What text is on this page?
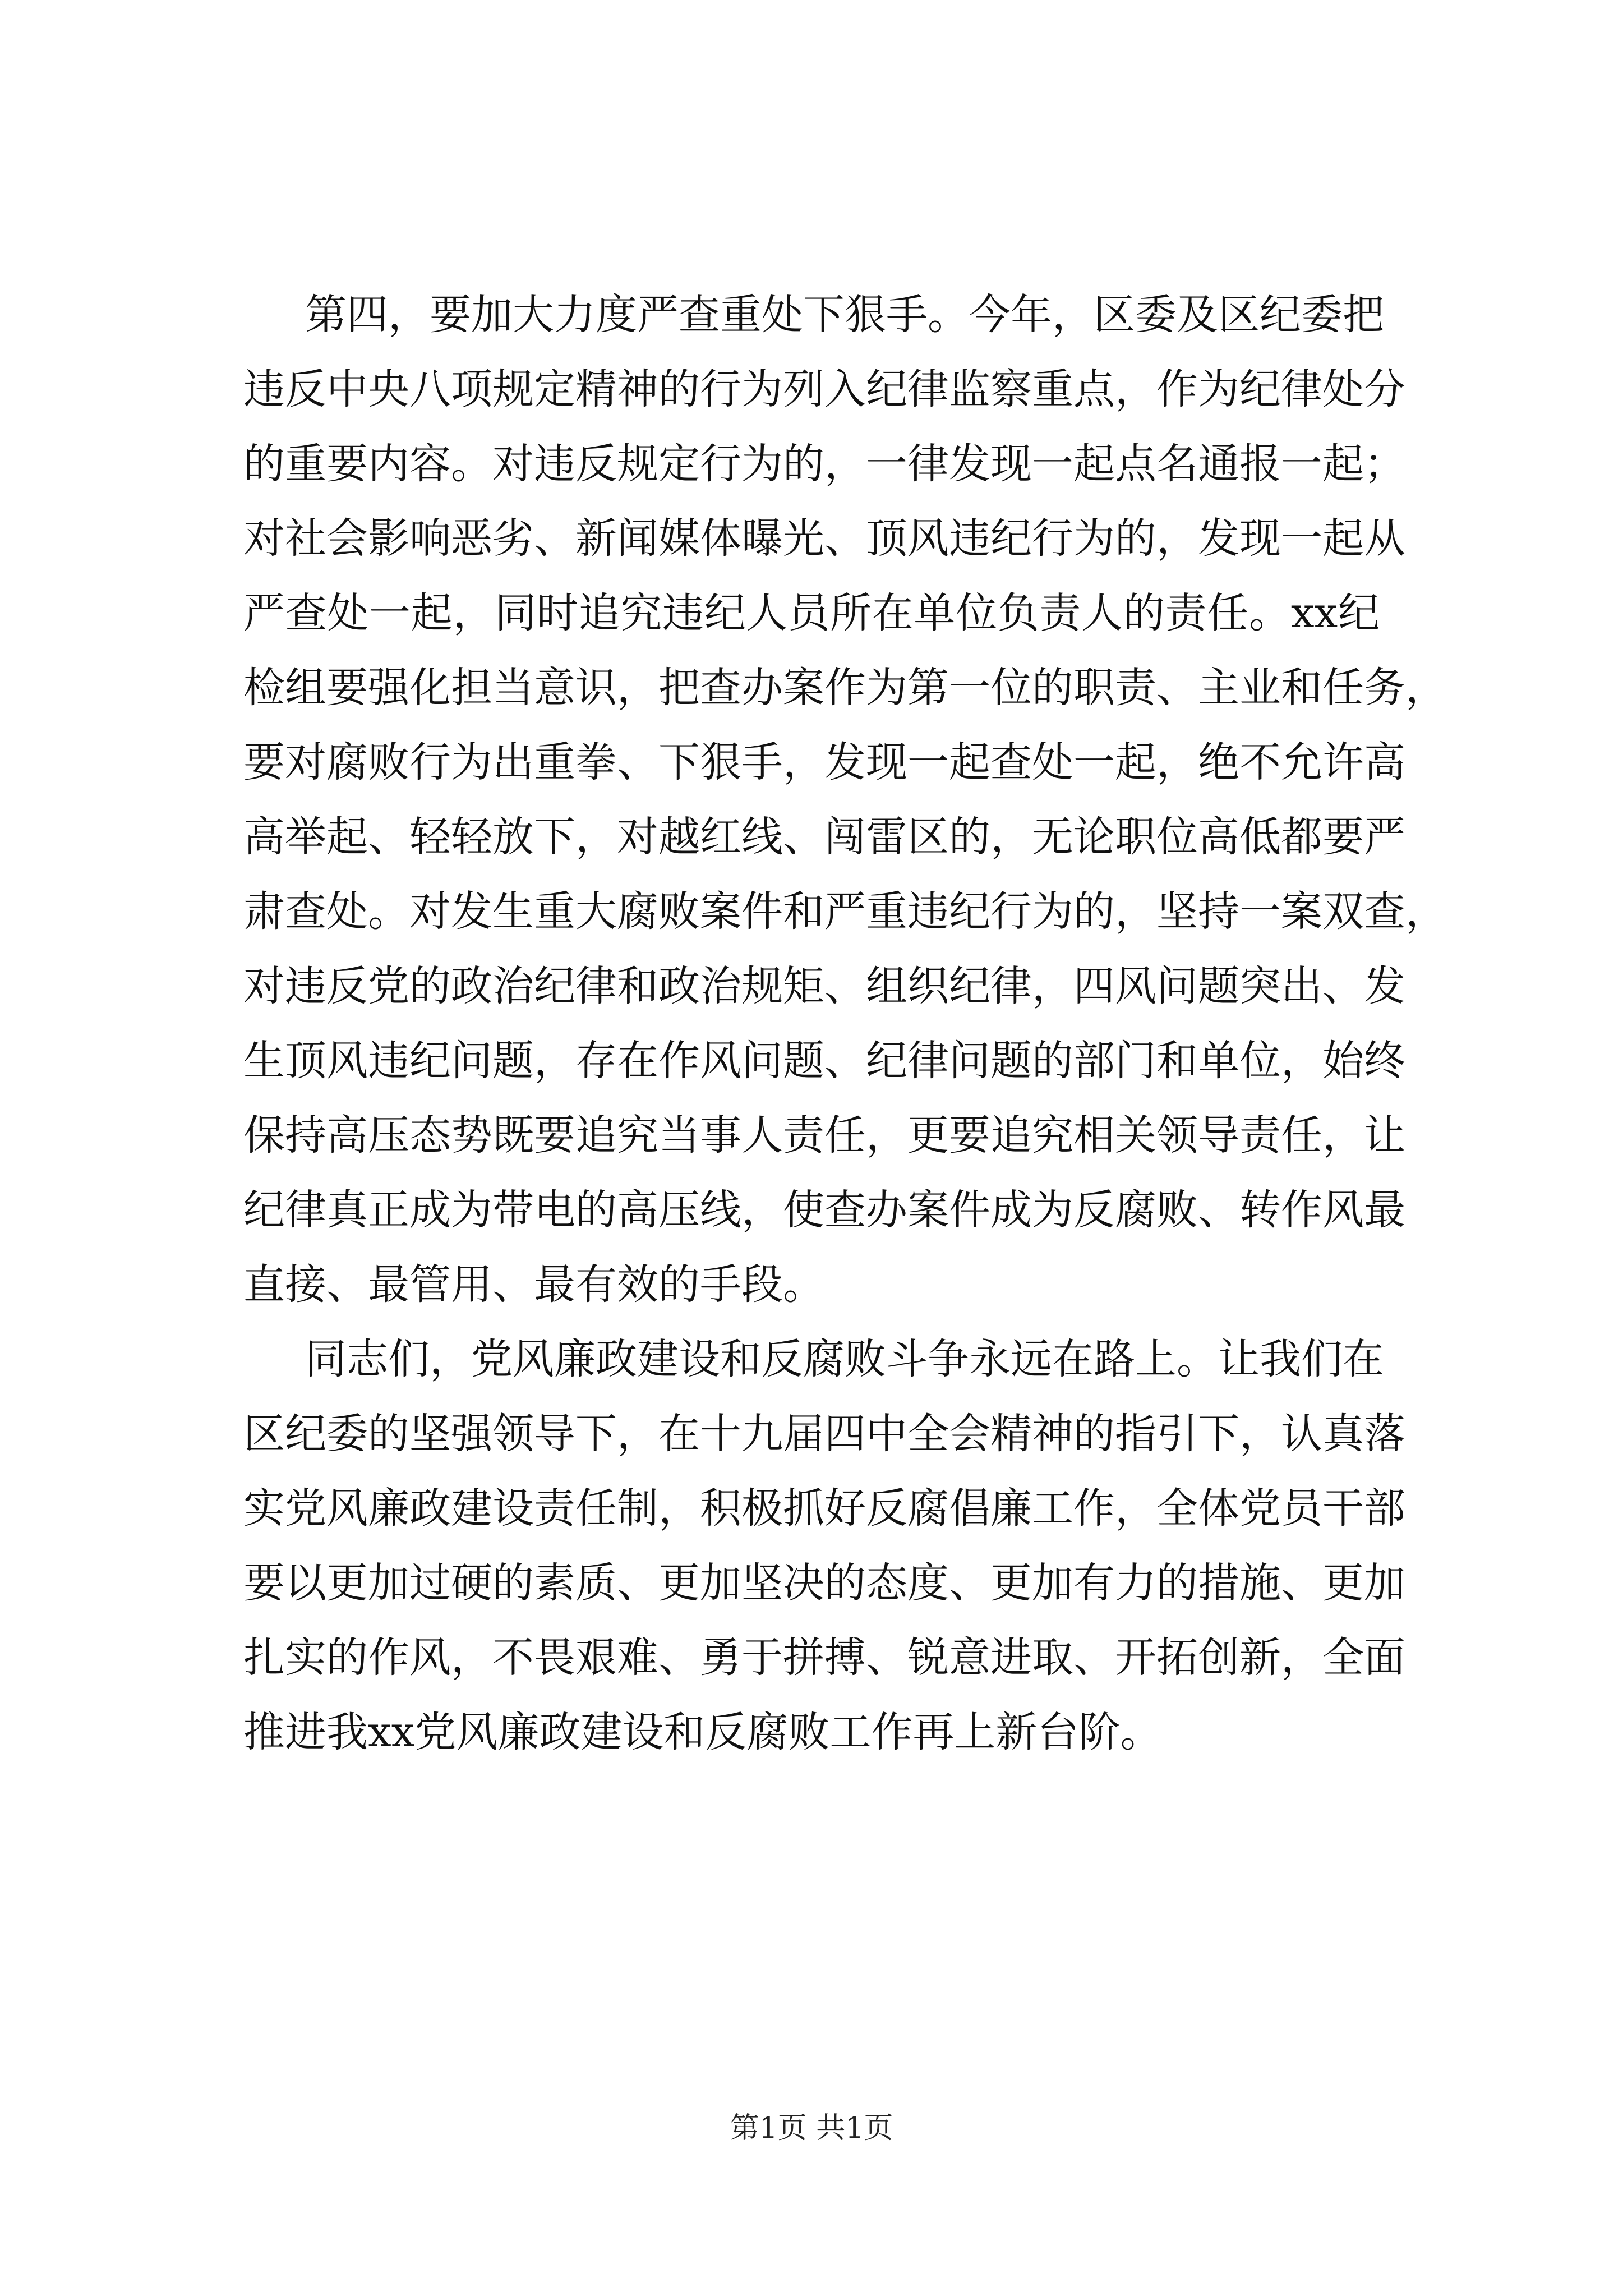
第四，要加大力度严查重处下狠手。今年，区委及区纪委把
违反中央八项规定精神的行为列入纪律监察重点，作为纪律处分
的重要内容。对违反规定行为的，一律发现一起点名通报一起；
对社会影响恶劣、新闻媒体曝光、顶风违纪行为的，发现一起从
严查处一起，同时追究违纪人员所在单位负责人的责任。xx纪
检组要强化担当意识，把查办案作为第一位的职责、主业和任务，
要对腐败行为出重拳、下狠手，发现一起查处一起，绝不允许高
高举起、轻轻放下，对越红线、闯雷区的，无论职位高低都要严
肃查处。对发生重大腐败案件和严重违纪行为的，坚持一案双查，
对违反党的政治纪律和政治规矩、组织纪律，四风问题突出、发
生顶风违纪问题，存在作风问题、纪律问题的部门和单位，始终
保持高压态势既要追究当事人责任，更要追究相关领导责任，让
纪律真正成为带电的高压线，使查办案件成为反腐败、转作风最
直接、最管用、最有效的手段。
同志们，党风廉政建设和反腐败斗争永远在路上。让我们在
区纪委的坚强领导下，在十九届四中全会精神的指引下，认真落
实党风廉政建设责任制，积极抓好反腐倡廉工作，全体党员干部
要以更加过硬的素质、更加坚决的态度、更加有力的措施、更加
扎实的作风，不畏艰难、勇于拼搏、锐意进取、开拓创新，全面
推进我xx党风廉政建设和反腐败工作再上新台阶。
第1页 共1页
